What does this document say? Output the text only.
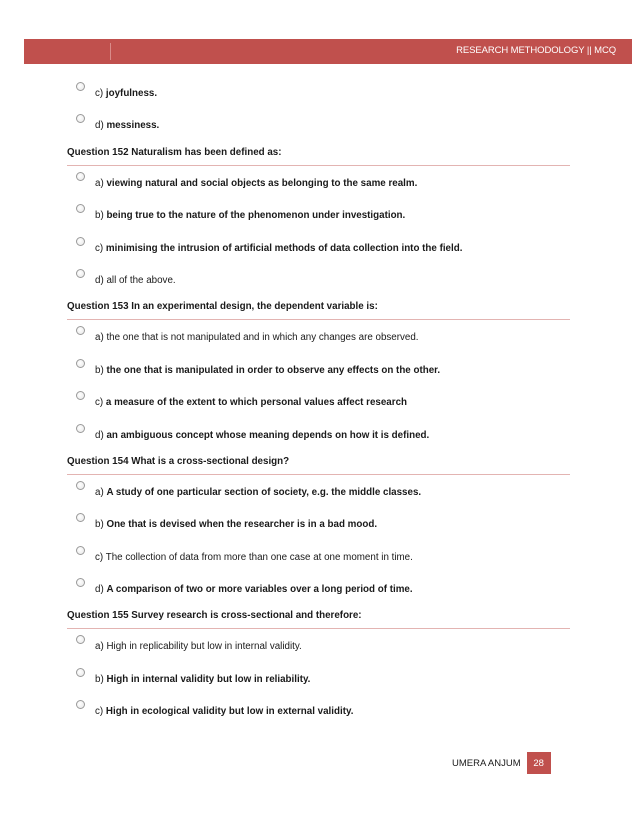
RESEARCH METHODOLOGY || MCQ
c) joyfulness.
d) messiness.
Question 152 Naturalism has been defined as:
a) viewing natural and social objects as belonging to the same realm.
b) being true to the nature of the phenomenon under investigation.
c) minimising the intrusion of artificial methods of data collection into the field.
d) all of the above.
Question 153 In an experimental design, the dependent variable is:
a) the one that is not manipulated and in which any changes are observed.
b) the one that is manipulated in order to observe any effects on the other.
c) a measure of the extent to which personal values affect research
d) an ambiguous concept whose meaning depends on how it is defined.
Question 154 What is a cross-sectional design?
a) A study of one particular section of society, e.g. the middle classes.
b) One that is devised when the researcher is in a bad mood.
c) The collection of data from more than one case at one moment in time.
d) A comparison of two or more variables over a long period of time.
Question 155 Survey research is cross-sectional and therefore:
a) High in replicability but low in internal validity.
b) High in internal validity but low in reliability.
c) High in ecological validity but low in external validity.
UMERA ANJUM	28
